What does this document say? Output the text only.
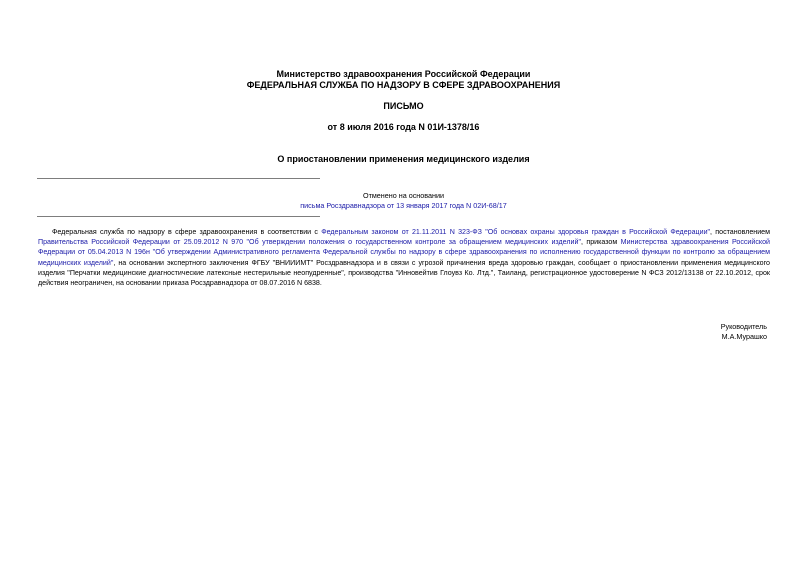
Министерство здравоохранения Российской Федерации
ФЕДЕРАЛЬНАЯ СЛУЖБА ПО НАДЗОРУ В СФЕРЕ ЗДРАВООХРАНЕНИЯ
ПИСЬМО
от 8 июля 2016 года N 01И-1378/16
О приостановлении применения медицинского изделия
Отменено на основании
письма Росздравнадзора от 13 января 2017 года N 02И-68/17
Федеральная служба по надзору в сфере здравоохранения в соответствии с Федеральным законом от 21.11.2011 N 323-ФЗ "Об основах охраны здоровья граждан в Российской Федерации", постановлением Правительства Российской Федерации от 25.09.2012 N 970 "Об утверждении положения о государственном контроле за обращением медицинских изделий", приказом Министерства здравоохранения Российской Федерации от 05.04.2013 N 196н "Об утверждении Административного регламента Федеральной службы по надзору в сфере здравоохранения по исполнению государственной функции по контролю за обращением медицинских изделий", на основании экспертного заключения ФГБУ "ВНИИИМТ" Росздравнадзора и в связи с угрозой причинения вреда здоровью граждан, сообщает о приостановлении применения медицинского изделия "Перчатки медицинские диагностические латексные нестерильные неопудренные", производства "Инновейтив Глоувз Ко. Лтд.", Таиланд, регистрационное удостоверение N ФСЗ 2012/13138 от 22.10.2012, срок действия неограничен, на основании приказа Росздравнадзора от 08.07.2016 N 6838.
Руководитель
М.А.Мурашко
